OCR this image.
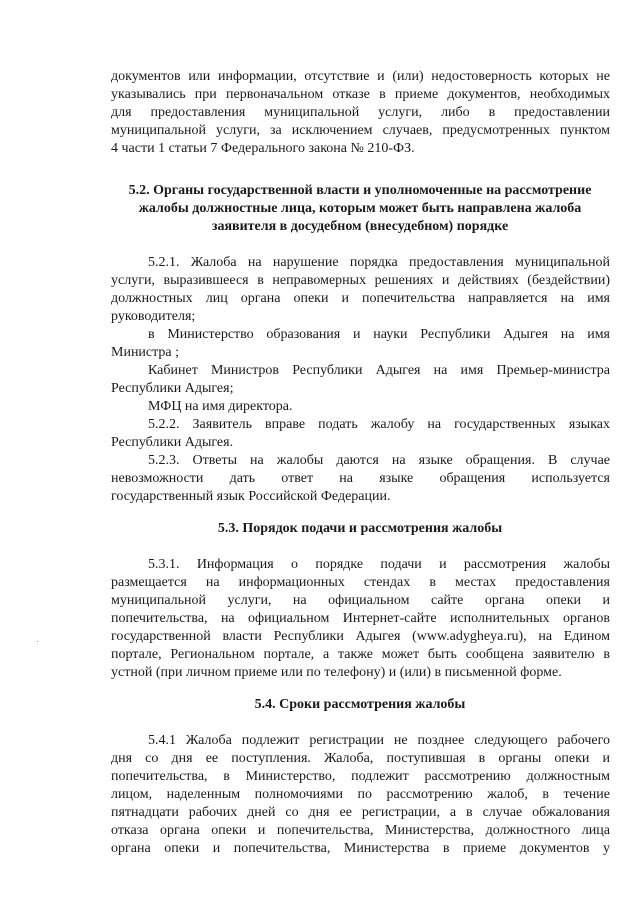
документов или информации, отсутствие и (или) недостоверность которых не
указывались при первоначальном отказе в приеме документов, необходимых
для предоставления муниципальной услуги, либо в предоставлении
муниципальной услуги, за исключением случаев, предусмотренных пунктом
4 части 1 статьи 7 Федерального закона № 210-ФЗ.
5.2. Органы государственной власти и уполномоченные на рассмотрение
жалобы должностные лица, которым может быть направлена жалоба
заявителя в досудебном (внесудебном) порядке
5.2.1. Жалоба на нарушение порядка предоставления муниципальной
услуги, выразившееся в неправомерных решениях и действиях (бездействии)
должностных лиц органа опеки и попечительства направляется на имя
руководителя;
в Министерство образования и науки Республики Адыгея на имя
Министра ;
Кабинет Министров Республики Адыгея на имя Премьер-министра
Республики Адыгея;
МФЦ на имя директора.
5.2.2. Заявитель вправе подать жалобу на государственных языках
Республики Адыгея.
5.2.3. Ответы на жалобы даются на языке обращения. В случае
невозможности дать ответ на языке обращения используется
государственный язык Российской Федерации.
5.3. Порядок подачи и рассмотрения жалобы
5.3.1. Информация о порядке подачи и рассмотрения жалобы
размещается на информационных стендах в местах предоставления
муниципальной услуги, на официальном сайте органа опеки и
попечительства, на официальном Интернет-сайте исполнительных органов
государственной власти Республики Адыгея (www.adygheya.ru), на Едином
портале, Региональном портале, а также может быть сообщена заявителю в
устной (при личном приеме или по телефону) и (или) в письменной форме.
5.4. Сроки рассмотрения жалобы
5.4.1 Жалоба подлежит регистрации не позднее следующего рабочего
дня со дня ее поступления. Жалоба, поступившая в органы опеки и
попечительства, в Министерство, подлежит рассмотрению должностным
лицом, наделенным полномочиями по рассмотрению жалоб, в течение
пятнадцати рабочих дней со дня ее регистрации, а в случае обжалования
отказа органа опеки и попечительства, Министерства, должностного лица
органа опеки и попечительства, Министерства в приеме документов у
